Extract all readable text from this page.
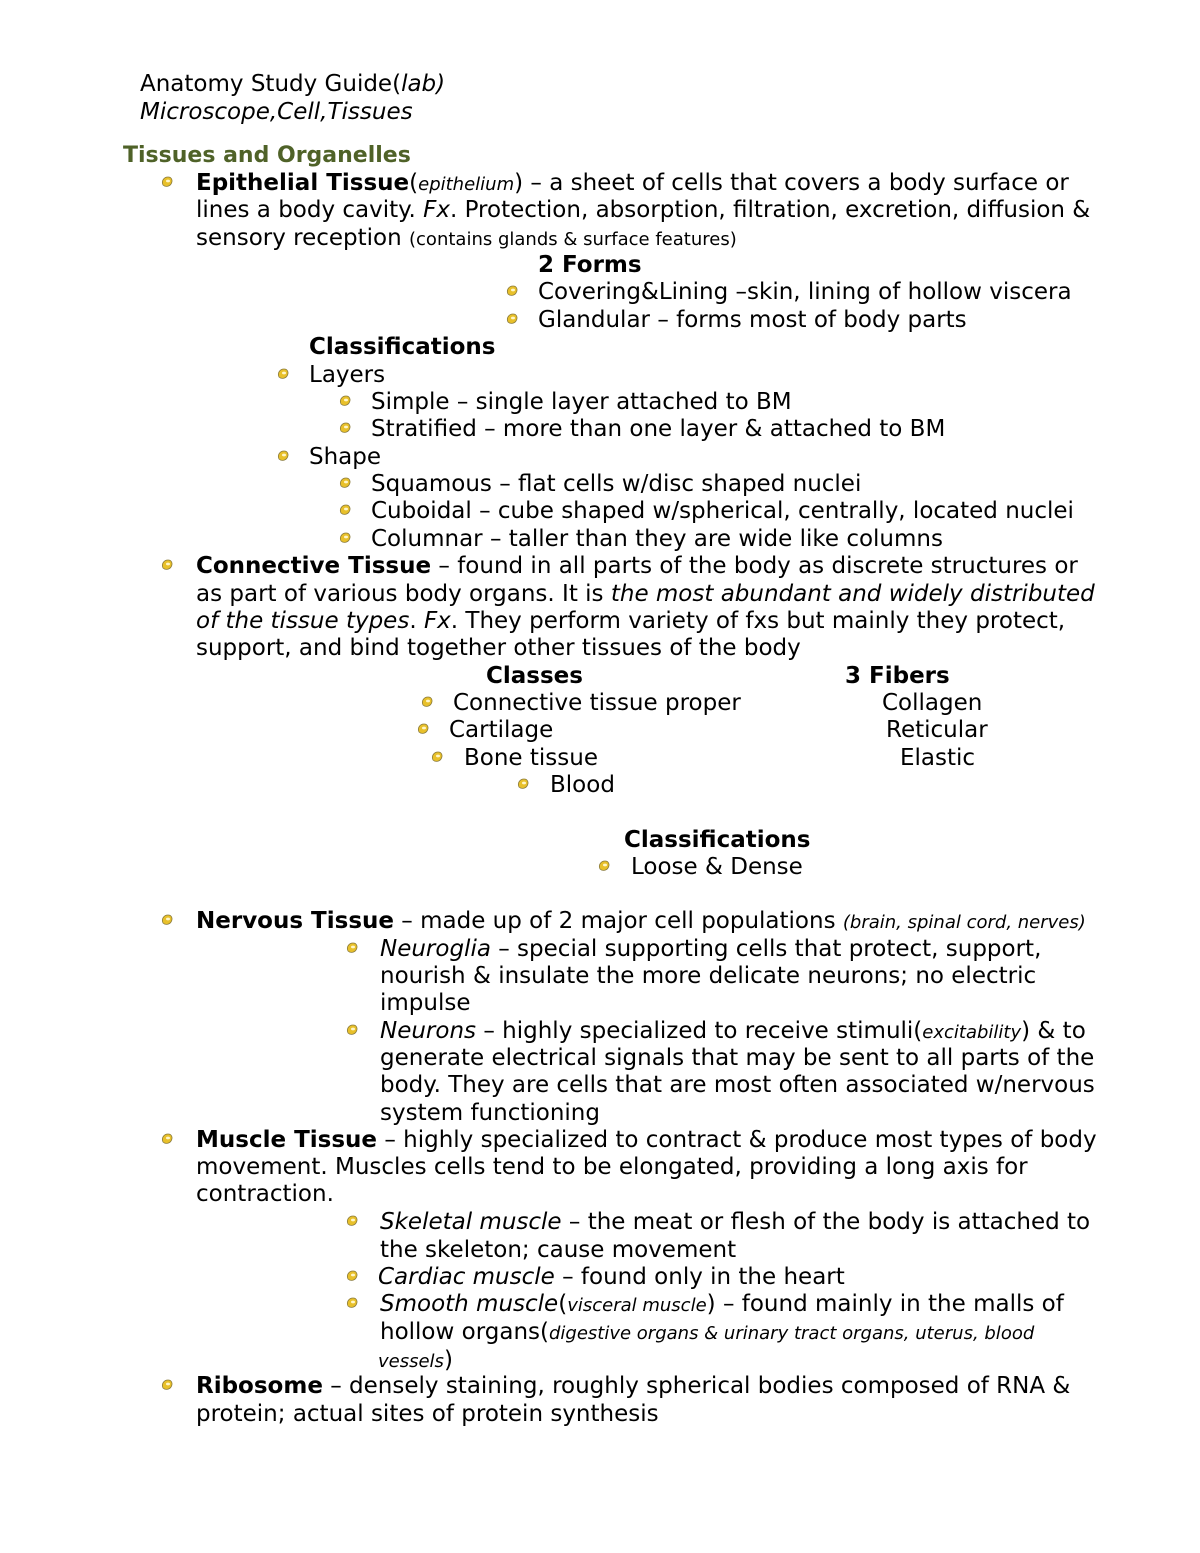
Anatomy Study Guide(lab)
Microscope,Cell,Tissues
Tissues and Organelles
Epithelial Tissue(epithelium) – a sheet of cells that covers a body surface or
lines a body cavity. Fx. Protection, absorption, filtration, excretion, diffusion &
sensory reception (contains glands & surface features)
2 Forms
Covering&Lining –skin, lining of hollow viscera
Glandular – forms most of body parts
Classifications
Layers
Simple – single layer attached to BM
Stratified – more than one layer & attached to BM
Shape
Squamous – flat cells w/disc shaped nuclei
Cuboidal – cube shaped w/spherical, centrally, located nuclei
Columnar – taller than they are wide like columns
Connective Tissue – found in all parts of the body as discrete structures or
as part of various body organs. It is the most abundant and widely distributed
of the tissue types. Fx. They perform variety of fxs but mainly they protect,
support, and bind together other tissues of the body
Classes	3 Fibers
Connective tissue proper	Collagen
Cartilage	Reticular
Bone tissue	Elastic
Blood
Classifications
Loose & Dense
Nervous Tissue – made up of 2 major cell populations (brain, spinal cord, nerves)
Neuroglia – special supporting cells that protect, support,
nourish & insulate the more delicate neurons; no electric
impulse
Neurons – highly specialized to receive stimuli(excitability) & to
generate electrical signals that may be sent to all parts of the
body. They are cells that are most often associated w/nervous
system functioning
Muscle Tissue – highly specialized to contract & produce most types of body
movement. Muscles cells tend to be elongated, providing a long axis for
contraction.
Skeletal muscle – the meat or flesh of the body is attached to
the skeleton; cause movement
Cardiac muscle – found only in the heart
Smooth muscle(visceral muscle) – found mainly in the malls of
hollow organs(digestive organs & urinary tract organs, uterus, blood
vessels)
Ribosome – densely staining, roughly spherical bodies composed of RNA &
protein; actual sites of protein synthesis
